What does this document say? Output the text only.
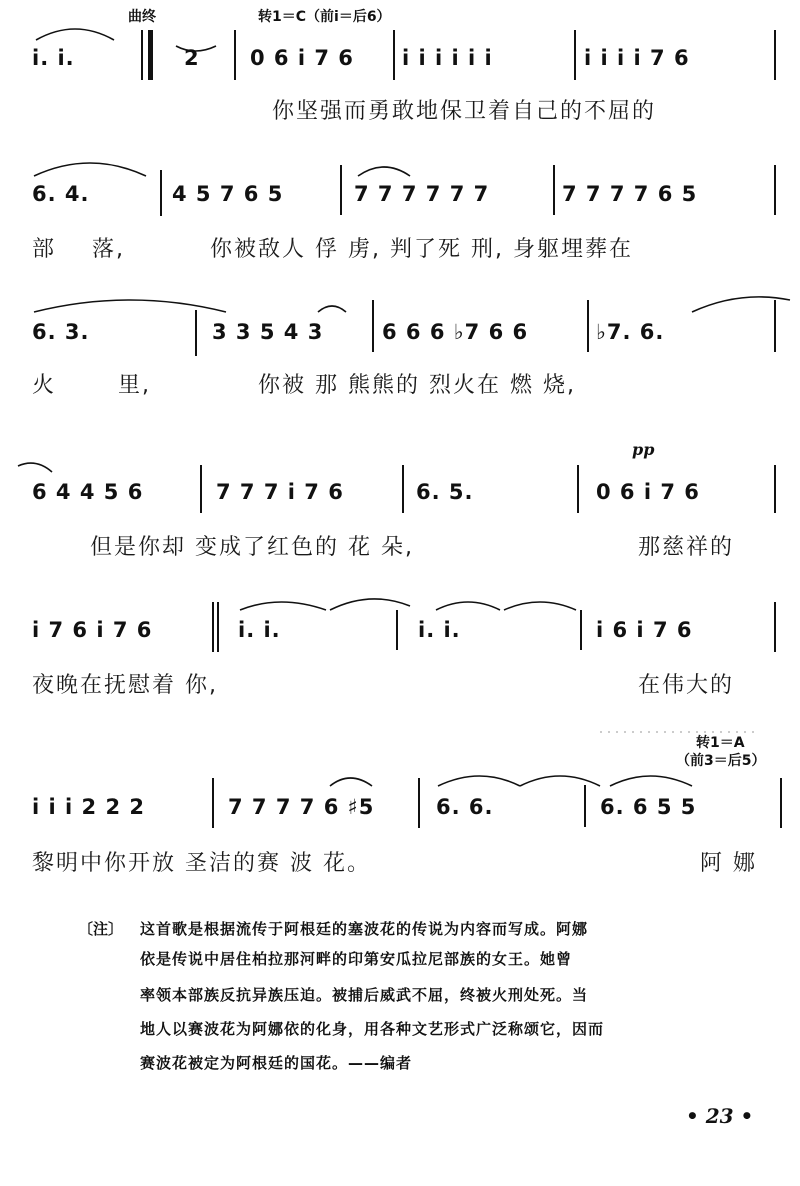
曲终	转1＝C（前i＝后6）
i. i.	2 0 6 i 7 6 i i i i i i	i i i i 7 6
你坚强而勇敢地保卫着自己的不屈的
6. 4.	4 5 7 6 5	7 7 7 7 7 7	7 7 7 7 6 5
部 落,	你被敌人 俘 虏, 判了死 刑, 身躯埋葬在
6. 3.	3 3 5 4 3	6 6 6 ♭7 6 6	♭7. 6.
火	里,	你被 那 熊熊的 烈火在 燃 烧,
pp
6 4 4 5 6	7 7 7 i 7 6	6. 5.	0 6 i 7 6
但是你却 变成了红色的 花 朵,	那慈祥的
i 7 6 i 7 6	i. i.	i. i.	i 6 i 7 6
夜晚在抚慰着 你,	在伟大的
转1＝A
（前3＝后5）
i i i 2 2 2	7 7 7 7 6 ♯5	6. 6.	6. 6 5 5
黎明中你开放 圣洁的赛 波 花。	阿 娜
〔注〕 这首歌是根据流传于阿根廷的塞波花的传说为内容而写成。阿娜
依是传说中居住柏拉那河畔的印第安瓜拉尼部族的女王。她曾
率领本部族反抗异族压迫。被捕后威武不屈，终被火刑处死。当
地人以赛波花为阿娜依的化身，用各种文艺形式广泛称颂它，因而
赛波花被定为阿根廷的国花。——编者
• 23 •
